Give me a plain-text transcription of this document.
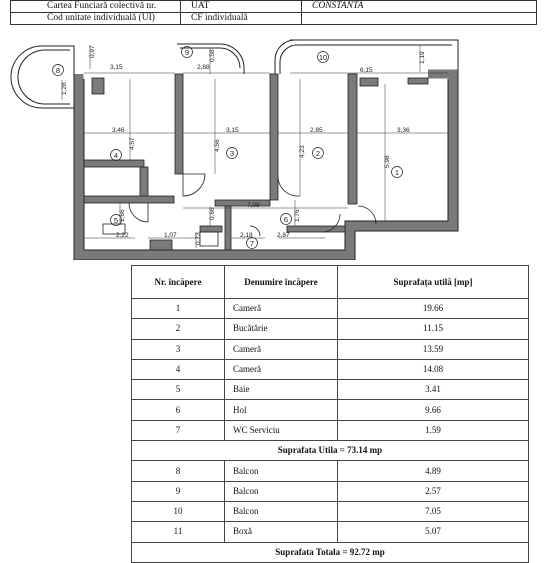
Cartea Funciară colectivă nr.	UAT	CONSTANTA
Cod unitate individuală (UI)	CF individuală	
0,97
3,15	2,88
0,58
6,15
1,19
1,28
3,46	3,15	2,85	3,36
4,57	4,56	4,23
5,98
7,08
0,66
1,66	1,76
2,22	1,07	0,73	2,18	2,87
4	3	2
1
5	6
7
8
9
10
Nr. încăpere	Denumire încăpere	Suprafața utilă [mp]
1	Cameră	19.66
2	Bucătărie	11.15
3	Cameră	13.59
4	Cameră	14.08
5	Baie	3.41
6	Hol	9.66
7	WC Serviciu	1.59
Suprafata Utila = 73.14 mp		
8	Balcon	4.89
9	Balcon	2.57
10	Balcon	7.05
11	Boxă	5.07
Suprafata Totala = 92.72 mp		
